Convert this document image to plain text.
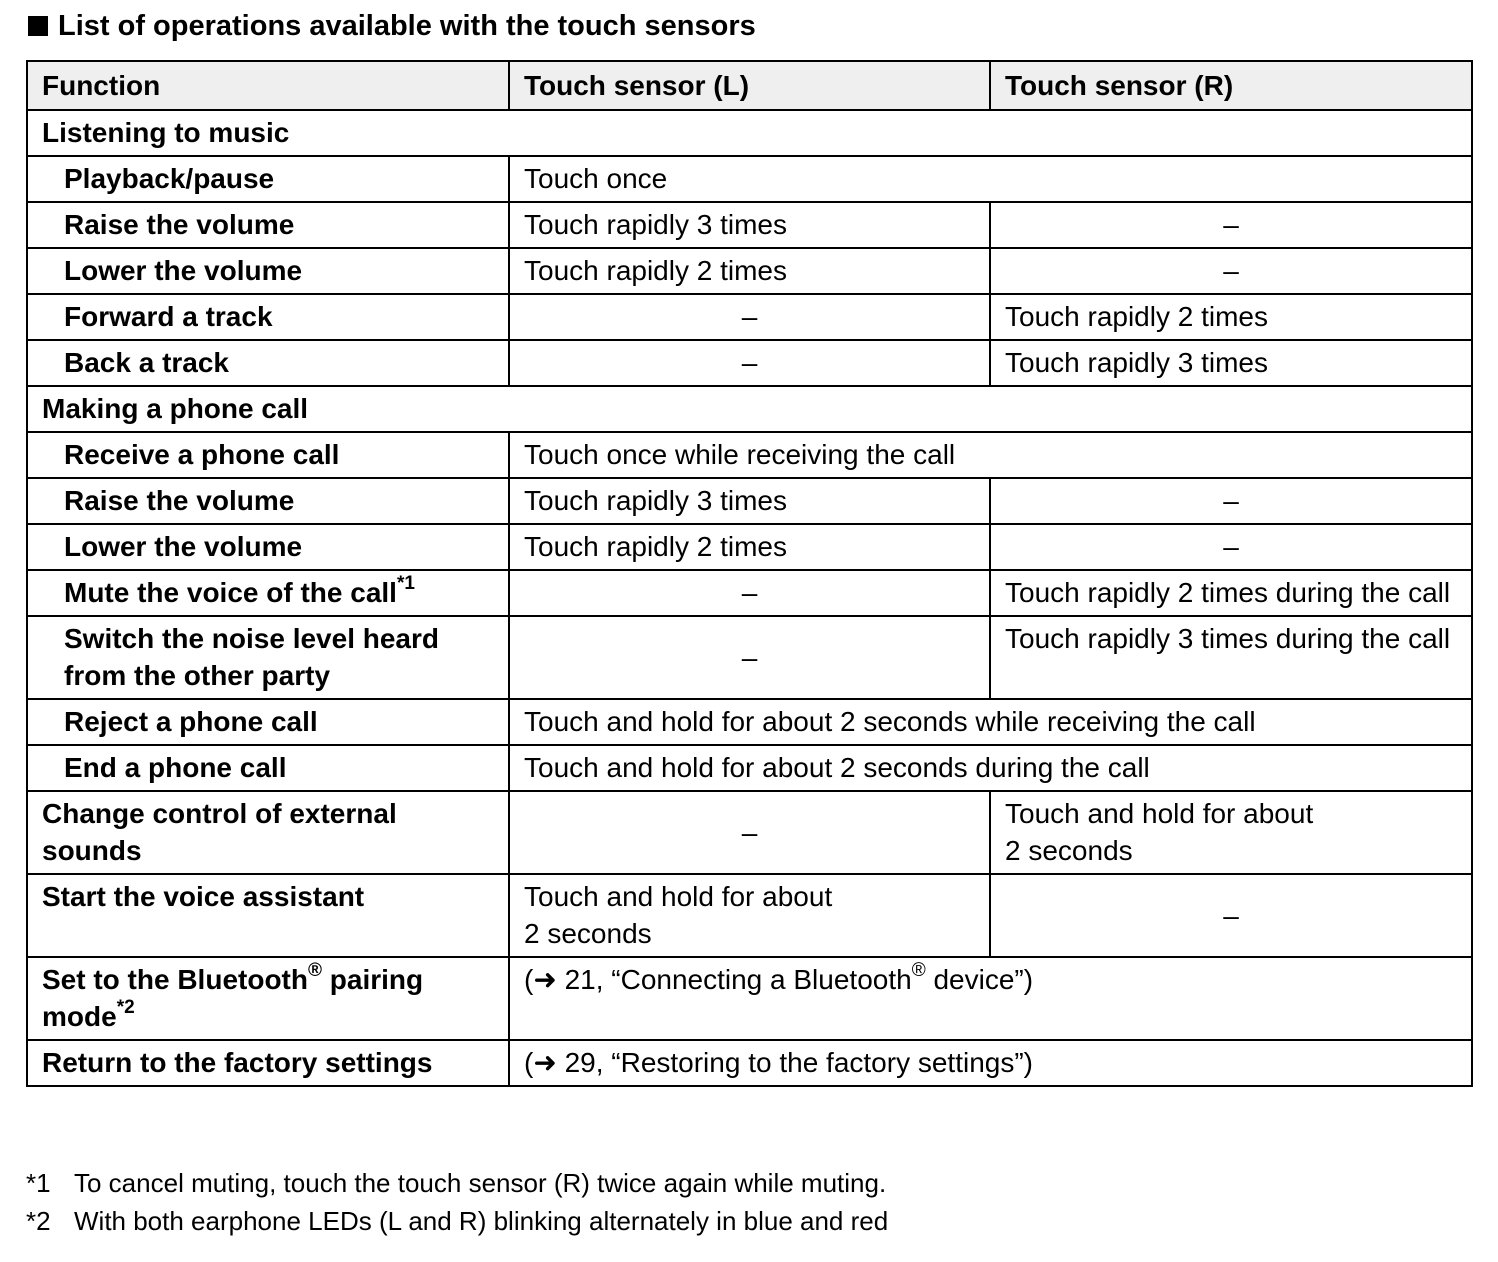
List of operations available with the touch sensors
Function	Touch sensor (L)	Touch sensor (R)
Listening to music		
Playback/pause	Touch once	
Raise the volume	Touch rapidly 3 times	–
Lower the volume	Touch rapidly 2 times	–
Forward a track	–	Touch rapidly 2 times
Back a track	–	Touch rapidly 3 times
Making a phone call		
Receive a phone call	Touch once while receiving the call	
Raise the volume	Touch rapidly 3 times	–
Lower the volume	Touch rapidly 2 times	–
Mute the voice of the call$^{*1}$	–	Touch rapidly 2 times during the call
Switch the noise level heard from the other party	–	Touch rapidly 3 times during the call
Reject a phone call	Touch and hold for about 2 seconds while receiving the call	
End a phone call	Touch and hold for about 2 seconds during the call	
Change control of external sounds	–	Touch and hold for about
2 seconds
Start the voice assistant	Touch and hold for about
2 seconds	–
Set to the Bluetooth® pairing mode$^{*2}$	(➜ 21, “Connecting a Bluetooth® device”)	
Return to the factory settings	(➜ 29, “Restoring to the factory settings”)	
*1 To cancel muting, touch the touch sensor (R) twice again while muting.
*2 With both earphone LEDs (L and R) blinking alternately in blue and red
